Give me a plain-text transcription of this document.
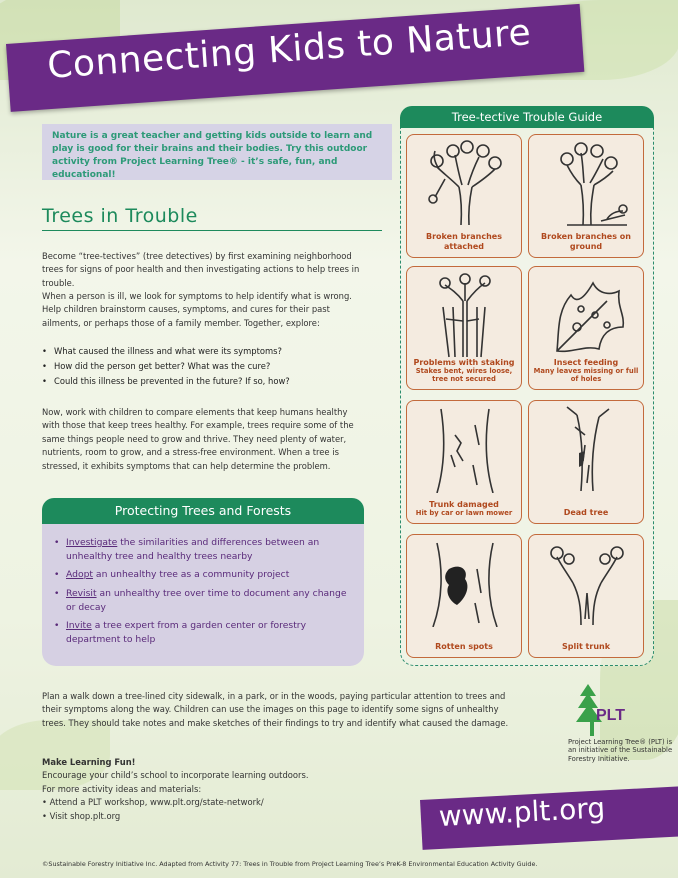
Connecting Kids to Nature
Nature is a great teacher and getting kids outside to learn and play is good for their brains and their bodies. Try this outdoor activity from Project Learning Tree® - it’s safe, fun, and educational!
Trees in Trouble

Become “tree-tectives” (tree detectives) by first examining neighborhood trees for signs of poor health and then investigating actions to help trees in trouble.

When a person is ill, we look for symptoms to help identify what is wrong. Help children brainstorm causes, symptoms, and cures for their past ailments, or perhaps those of a family member. Together, explore:

• What caused the illness and what were its symptoms?
• How did the person get better? What was the cure?
• Could this illness be prevented in the future? If so, how?

Now, work with children to compare elements that keep humans healthy with those that keep trees healthy. For example, trees require some of the same things people need to grow and thrive. They need plenty of water, nutrients, room to grow, and a stress-free environment. When a tree is stressed, it exhibits symptoms that can help determine the problem.

• Investigate the similarities and differences between an unhealthy tree and healthy trees nearby
• Adopt an unhealthy tree as a community project
• Revisit an unhealthy tree over time to document any change or decay
• Invite a tree expert from a garden center or forestry department to help
Protecting Trees and Forests
Tree-tective Trouble Guide
Broken branches attached
Broken branches on ground
Problems with staking
Stakes bent, wires loose, tree not secured
Insect feeding
Many leaves missing or full of holes
Trunk damaged
Hit by car or lawn mower	Dead tree
Rotten spots	Split trunk

Plan a walk down a tree-lined city sidewalk, in a park, or in the woods, paying particular attention to trees and their symptoms along the way. Children can use the images on this page to identify some signs of unhealthy trees. They should take notes and make sketches of their findings to try and identify what caused the damage.

Make Learning Fun!
Encourage your child’s school to incorporate learning outdoors.
For more activity ideas and materials:
• Attend a PLT workshop, www.plt.org/state-network/
• Visit shop.plt.org
PLT
Project Learning Tree® (PLT) is an initiative of the Sustainable Forestry Initiative.
www.plt.org
©Sustainable Forestry Initiative Inc. Adapted from Activity 77: Trees in Trouble from Project Learning Tree’s PreK-8 Environmental Education Activity Guide.
